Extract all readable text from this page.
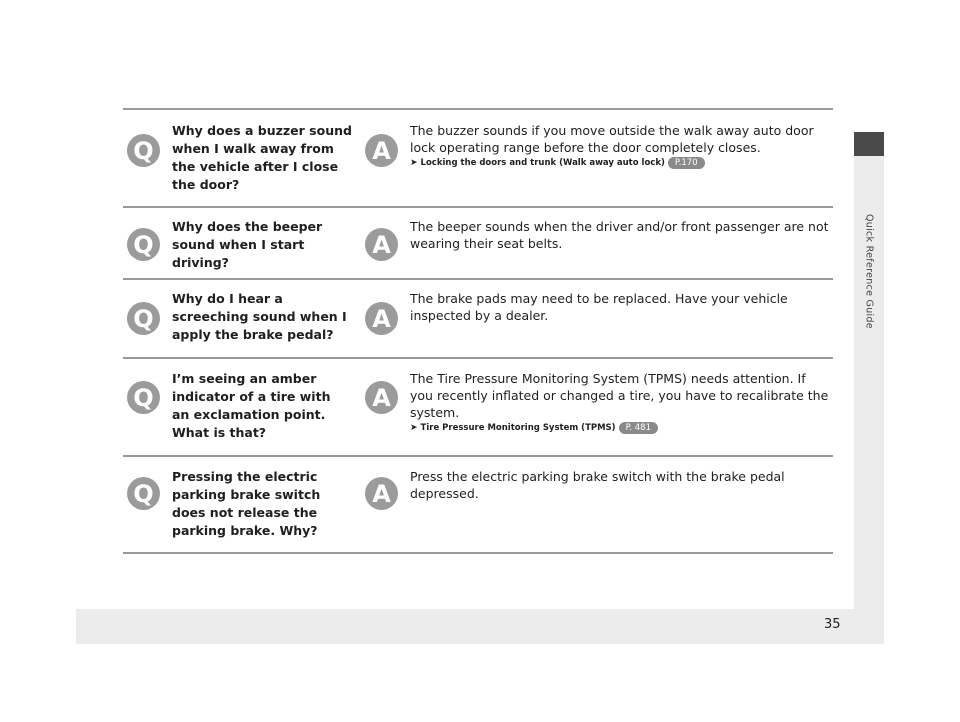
Quick Reference Guide
35
Q
Why does a buzzer sound when I walk away from the vehicle after I close the door?
A
The buzzer sounds if you move outside the walk away auto door lock operating range before the door completely closes.
➤ Locking the doors and trunk (Walk away auto lock) P.170
Q
Why does the beeper sound when I start driving?
A
The beeper sounds when the driver and/or front passenger are not wearing their seat belts.
Q
Why do I hear a screeching sound when I apply the brake pedal?
A
The brake pads may need to be replaced. Have your vehicle inspected by a dealer.
Q
I’m seeing an amber indicator of a tire with an exclamation point. What is that?
A
The Tire Pressure Monitoring System (TPMS) needs attention. If you recently inflated or changed a tire, you have to recalibrate the system.
➤ Tire Pressure Monitoring System (TPMS) P. 481
Q
Pressing the electric parking brake switch does not release the parking brake. Why?
A
Press the electric parking brake switch with the brake pedal depressed.
